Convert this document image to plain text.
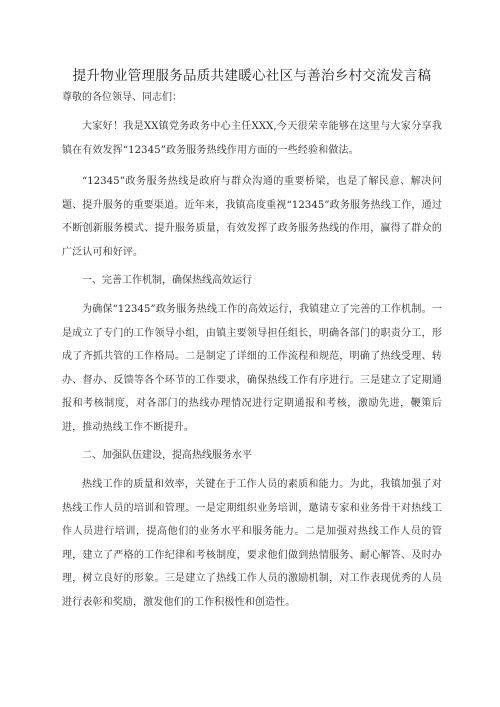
提升物业管理服务品质共建暖心社区与善治乡村交流发言稿

尊敬的各位领导、同志们：

大家好！我是XX镇党务政务中心主任XXX,今天很荣幸能够在这里与大家分享我镇在有效发挥“12345”政务服务热线作用方面的一些经验和做法。

“12345”政务服务热线是政府与群众沟通的重要桥梁，也是了解民意、解决问题、提升服务的重要渠道。近年来，我镇高度重视“12345”政务服务热线工作，通过不断创新服务模式、提升服务质量，有效发挥了政务服务热线的作用，赢得了群众的广泛认可和好评。

一、完善工作机制，确保热线高效运行

为确保“12345”政务服务热线工作的高效运行，我镇建立了完善的工作机制。一是成立了专门的工作领导小组，由镇主要领导担任组长，明确各部门的职责分工，形成了齐抓共管的工作格局。二是制定了详细的工作流程和规范，明确了热线受理、转办、督办、反馈等各个环节的工作要求，确保热线工作有序进行。三是建立了定期通报和考核制度，对各部门的热线办理情况进行定期通报和考核，激励先进，鞭策后进，推动热线工作不断提升。

二、加强队伍建设，提高热线服务水平

热线工作的质量和效率，关键在于工作人员的素质和能力。为此，我镇加强了对热线工作人员的培训和管理。一是定期组织业务培训，邀请专家和业务骨干对热线工作人员进行培训，提高他们的业务水平和服务能力。二是加强对热线工作人员的管理，建立了严格的工作纪律和考核制度，要求他们做到热情服务、耐心解答、及时办理，树立良好的形象。三是建立了热线工作人员的激励机制，对工作表现优秀的人员进行表彰和奖励，激发他们的工作积极性和创造性。
